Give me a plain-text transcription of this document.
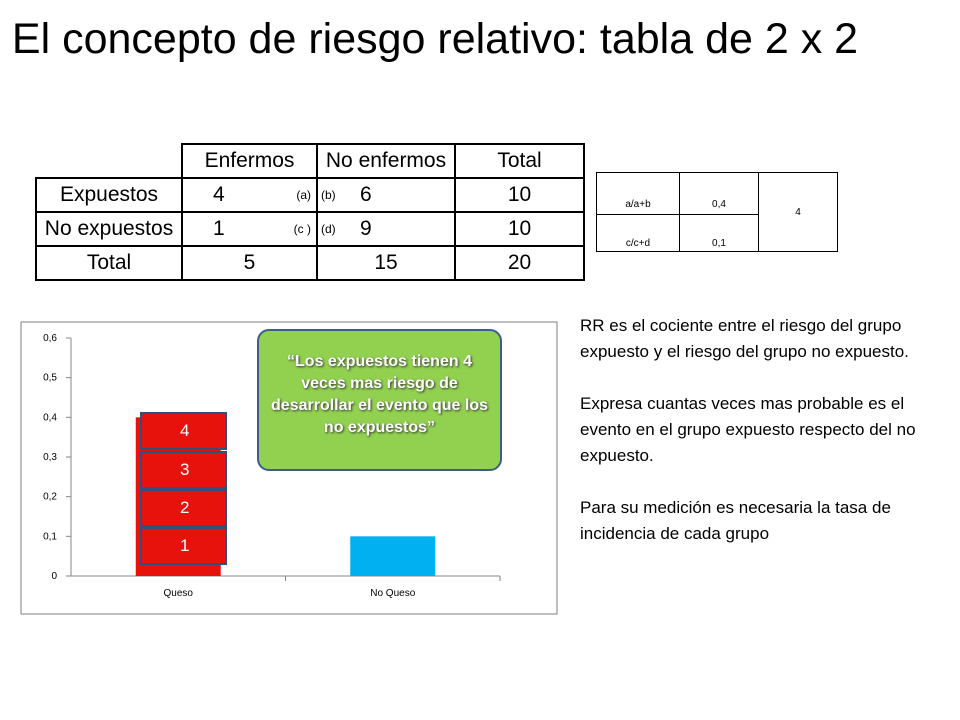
El concepto de riesgo relativo: tabla de 2 x 2
	Enfermos	No enfermos	Total
Expuestos	4 (a)	(b) 6	10
No expuestos	1 (c )	(d) 9	10
Total	5	15	20
a/a+b	0,4	4
c/c+d	0,1	
0
0,1
0,2
0,3
0,4
0,5
0,6
Queso	No Queso
4
3
2
1
“Los expuestos tienen 4 veces mas riesgo de desarrollar el evento que los no expuestos”

RR es el cociente entre el riesgo del grupo expuesto y el riesgo del grupo no expuesto.

Expresa cuantas veces mas probable es el evento en el grupo expuesto respecto del no expuesto.

Para su medición es necesaria la tasa de incidencia de cada grupo
